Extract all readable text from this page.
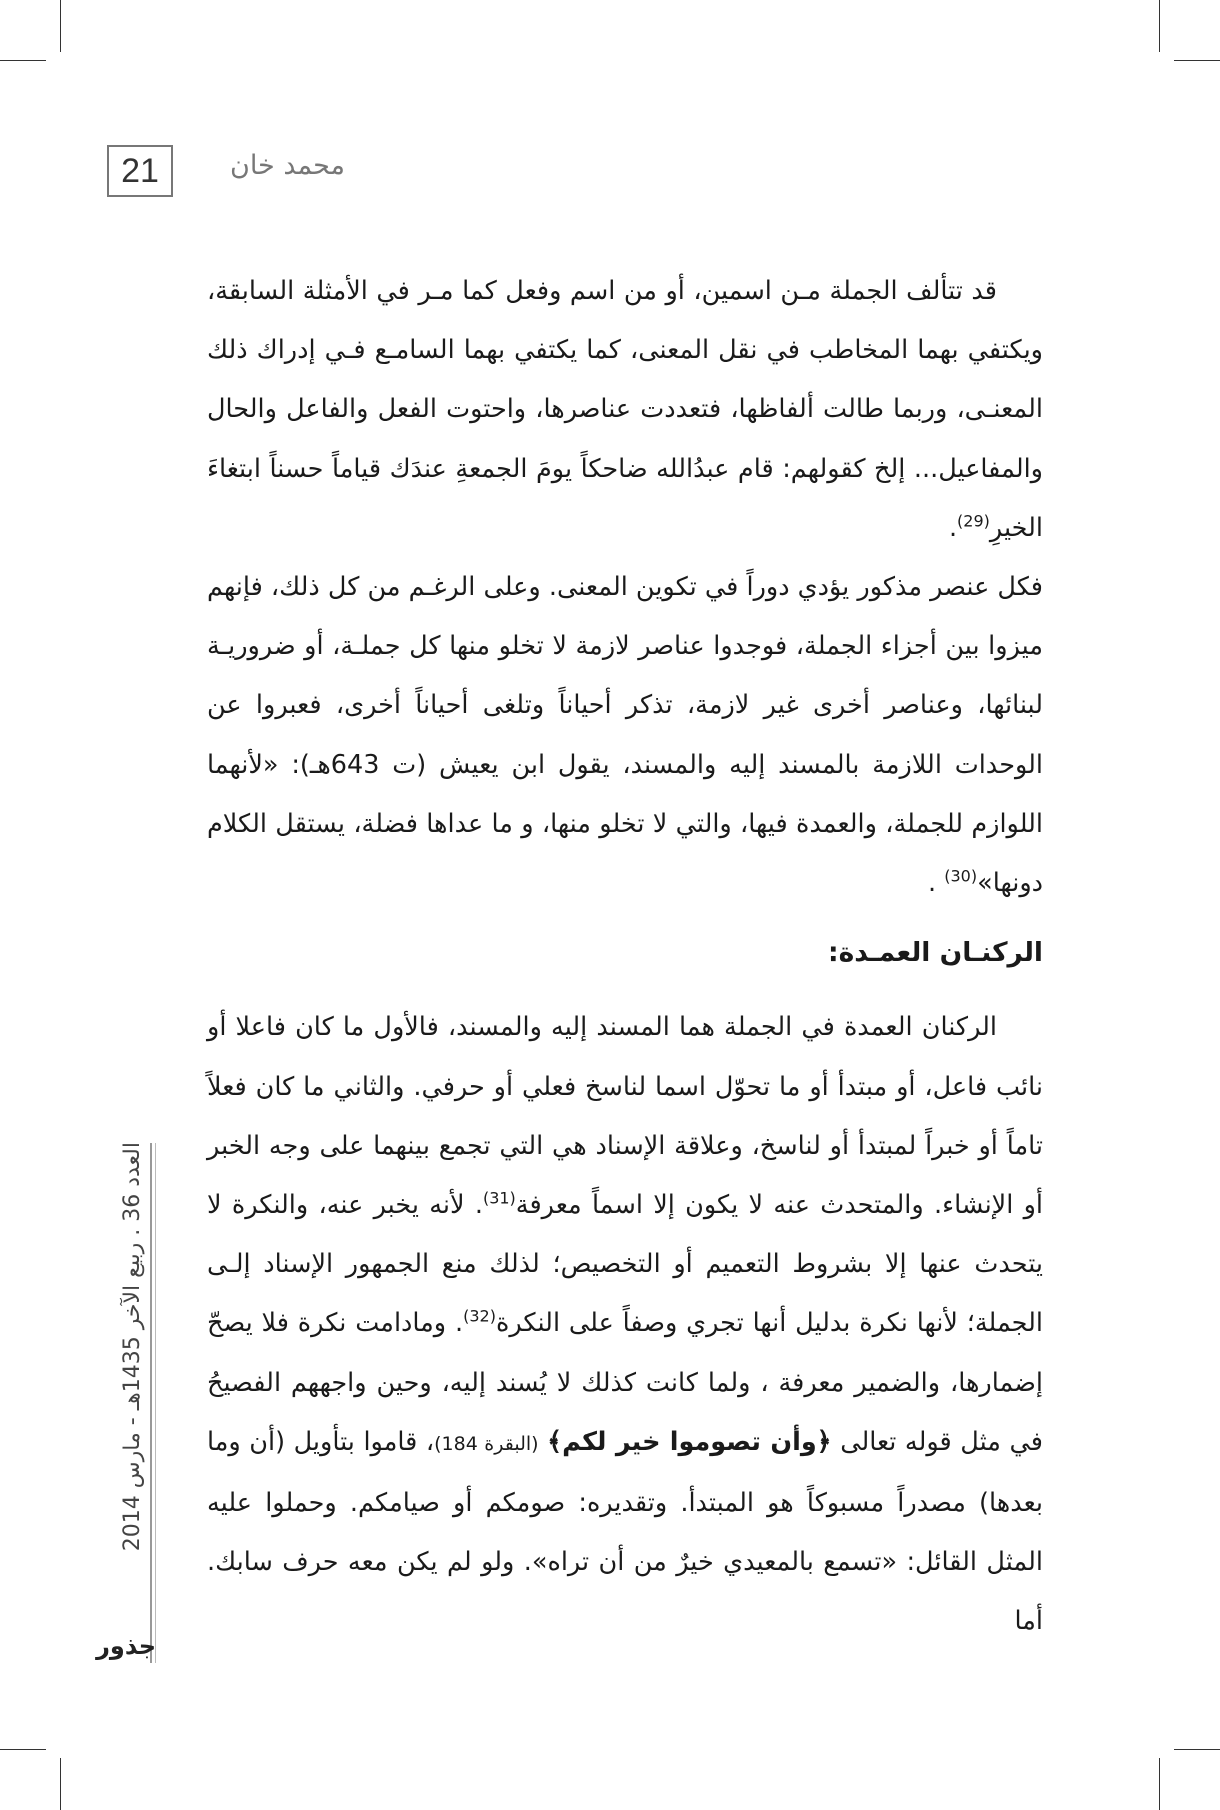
21	محمد خان

قد تتألف الجملة مـن اسمين، أو من اسم وفعل كما مـر في الأمثلة السابقة، ويكتفي بهما المخاطب في نقل المعنى، كما يكتفي بهما السامـع فـي إدراك ذلك المعنـى، وربما طالت ألفاظها، فتعددت عناصرها، واحتوت الفعل والفاعل والحال والمفاعيل... إلخ كقولهم: قام عبدُالله ضاحكاً يومَ الجمعةِ عندَك قياماً حسناً ابتغاءَ الخيرِ$^{(29)}$.

فكل عنصر مذكور يؤدي دوراً في تكوين المعنى. وعلى الرغـم من كل ذلك، فإنهم ميزوا بين أجزاء الجملة، فوجدوا عناصر لازمة لا تخلو منها كل جملـة، أو ضروريـة لبنائها، وعناصر أخرى غير لازمة، تذكر أحياناً وتلغى أحياناً أخرى، فعبروا عن الوحدات اللازمة بالمسند إليه والمسند، يقول ابن يعيش (ت 643هـ): «لأنهما اللوازم للجملة، والعمدة فيها، والتي لا تخلو منها، و ما عداها فضلة، يستقل الكلام دونها»$^{(30)}$ .

الركنـان العمـدة:

الركنان العمدة في الجملة هما المسند إليه والمسند، فالأول ما كان فاعلا أو نائب فاعل، أو مبتدأ أو ما تحوّل اسما لناسخ فعلي أو حرفي. والثاني ما كان فعلاً تاماً أو خبراً لمبتدأ أو لناسخ، وعلاقة الإسناد هي التي تجمع بينهما على وجه الخبر أو الإنشاء. والمتحدث عنه لا يكون إلا اسماً معرفة$^{(31)}$. لأنه يخبر عنه، والنكرة لا يتحدث عنها إلا بشروط التعميم أو التخصيص؛ لذلك منع الجمهور الإسناد إلـى الجملة؛ لأنها نكرة بدليل أنها تجري وصفاً على النكرة$^{(32)}$. ومادامت نكرة فلا يصحّ إضمارها، والضمير معرفة ، ولما كانت كذلك لا يُسند إليه، وحين واجههم الفصيحُ في مثل قوله تعالى ﴿وأن تصوموا خير لكم﴾ (البقرة 184)، قاموا بتأويل (أن وما بعدها) مصدراً مسبوكاً هو المبتدأ. وتقديره: صومكم أو صيامكم. وحملوا عليه المثل القائل: «تسمع بالمعيدي خيرٌ من أن تراه». ولو لم يكن معه حرف سابك. أما

العدد 36 . ربيع الآخر 1435هـ - مارس 2014
جذور
